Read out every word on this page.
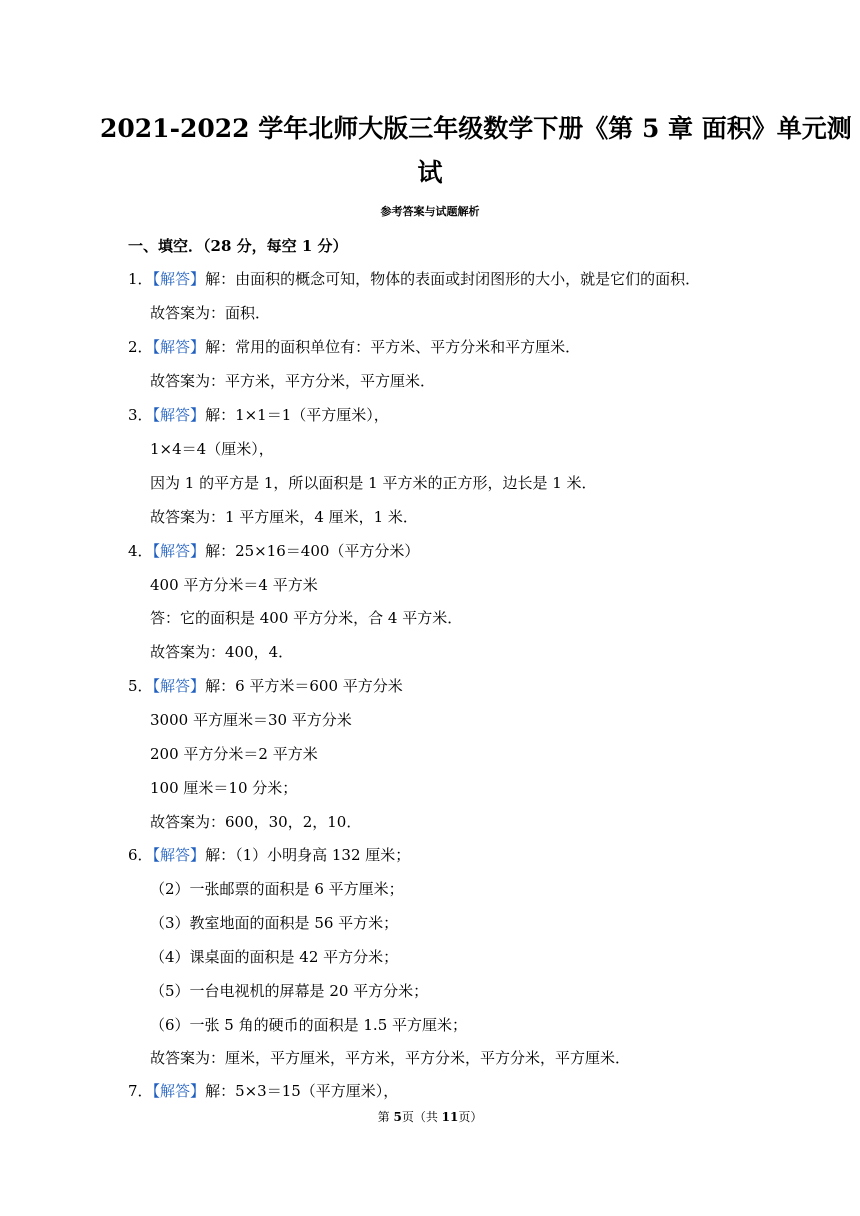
2021-2022 学年北师大版三年级数学下册《第 5 章 面积》单元测
试
参考答案与试题解析
一、填空．（28 分，每空 1 分）
1．【解答】解：由面积的概念可知，物体的表面或封闭图形的大小，就是它们的面积．
故答案为：面积．
2．【解答】解：常用的面积单位有：平方米、平方分米和平方厘米．
故答案为：平方米，平方分米，平方厘米．
3．【解答】解：1×1＝1（平方厘米），
1×4＝4（厘米），
因为 1 的平方是 1，所以面积是 1 平方米的正方形，边长是 1 米．
故答案为：1 平方厘米，4 厘米，1 米．
4．【解答】解：25×16＝400（平方分米）
400 平方分米＝4 平方米
答：它的面积是 400 平方分米，合 4 平方米．
故答案为：400，4．
5．【解答】解：6 平方米＝600 平方分米
3000 平方厘米＝30 平方分米
200 平方分米＝2 平方米
100 厘米＝10 分米；
故答案为：600，30，2，10．
6．【解答】解：（1）小明身高 132 厘米；
（2）一张邮票的面积是 6 平方厘米；
（3）教室地面的面积是 56 平方米；
（4）课桌面的面积是 42 平方分米；
（5）一台电视机的屏幕是 20 平方分米；
（6）一张 5 角的硬币的面积是 1.5 平方厘米；
故答案为：厘米，平方厘米，平方米，平方分米，平方分米，平方厘米．
7．【解答】解：5×3＝15（平方厘米），
第 5页（共 11页）
